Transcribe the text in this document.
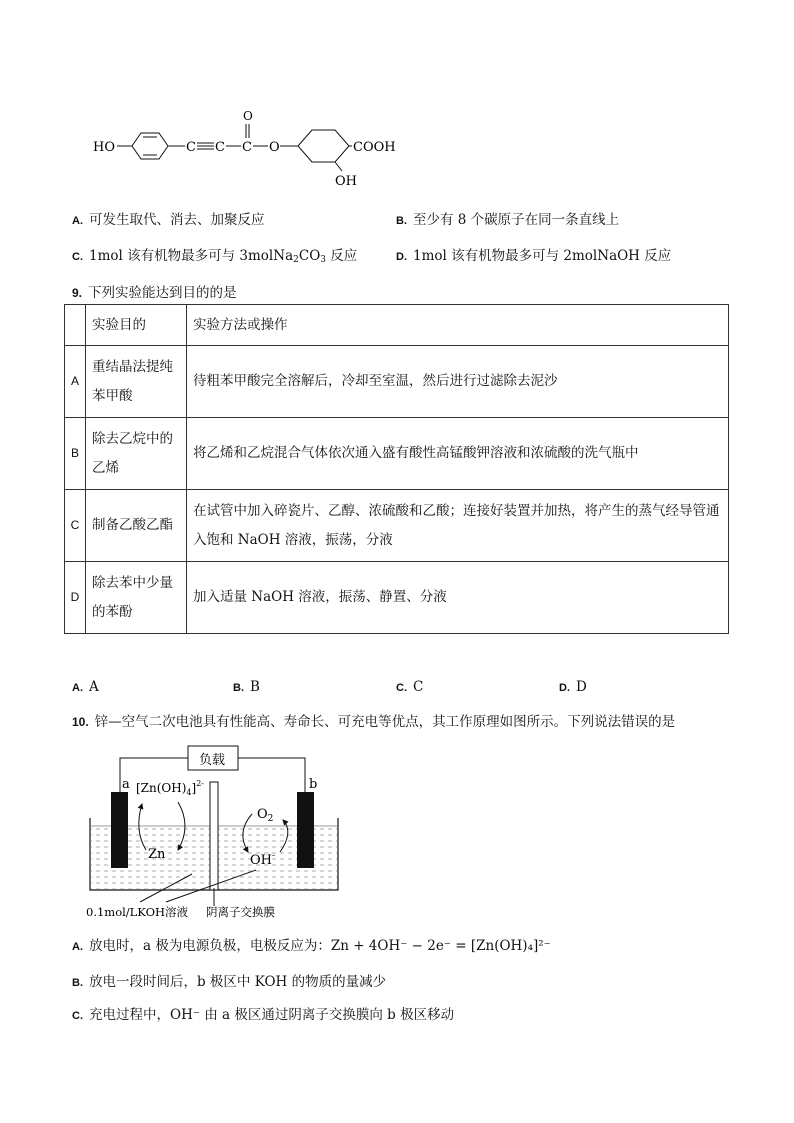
HO	C C C
O
O	COOH
OH
A. 可发生取代、消去、加聚反应	B. 至少有 8 个碳原子在同一条直线上
C. 1mol 该有机物最多可与 $3molNa_2CO_3$ 反应	D. 1mol 该有机物最多可与 2molNaOH 反应
9. 下列实验能达到目的的是
	实验目的	实验方法或操作
A	重结晶法提纯苯甲酸	待粗苯甲酸完全溶解后，冷却至室温，然后进行过滤除去泥沙
B	除去乙烷中的乙烯	将乙烯和乙烷混合气体依次通入盛有酸性高锰酸钾溶液和浓硫酸的洗气瓶中
C	制备乙酸乙酯	在试管中加入碎瓷片、乙醇、浓硫酸和乙酸；连接好装置并加热，将产生的蒸气经导管通入饱和 NaOH 溶液，振荡，分液
D	除去苯中少量的苯酚	加入适量 NaOH 溶液，振荡、静置、分液
A. A	B. B	C. C	D. D
10. 锌—空气二次电池具有性能高、寿命长、可充电等优点，其工作原理如图所示。下列说法错误的是
负载
a	b
$[Zn(OH)_4]^{2-}$
Zn
$O_2$
OH-
0.1mol/LKOH溶液 阴离子交换膜
A. 放电时，a 极为电源负极，电极反应为：Zn + 4OH⁻ − 2e⁻ = [Zn(OH)₄]²⁻
B. 放电一段时间后，b 极区中 KOH 的物质的量减少
C. 充电过程中，OH⁻ 由 a 极区通过阴离子交换膜向 b 极区移动
